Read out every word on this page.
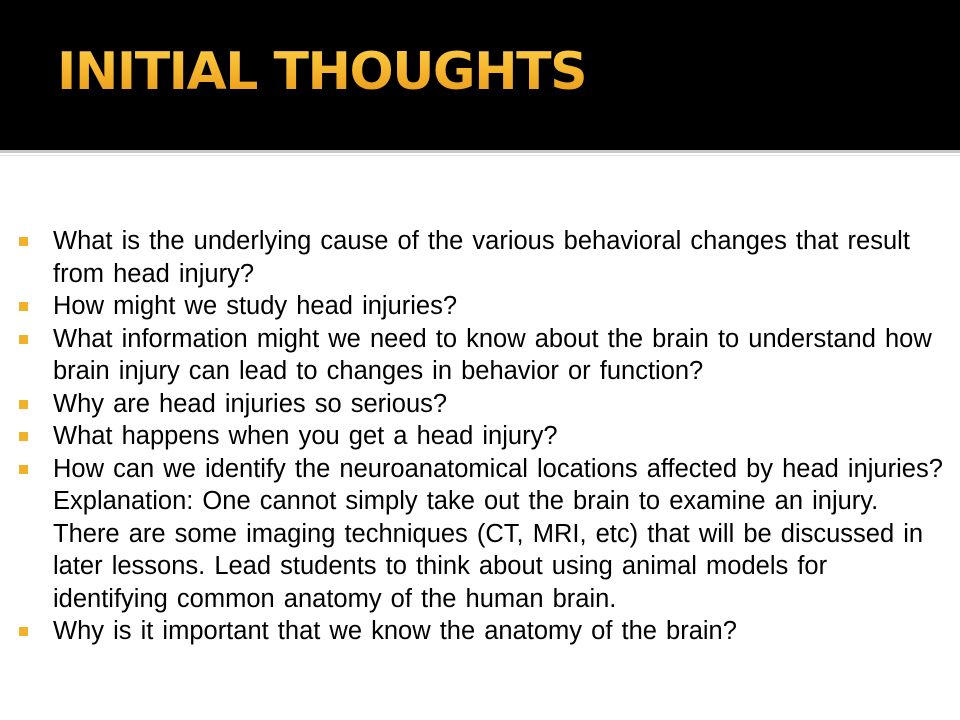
INITIAL THOUGHTS
What is the underlying cause of the various behavioral changes that result from head injury?
How might we study head injuries?
What information might we need to know about the brain to understand how brain injury can lead to changes in behavior or function?
Why are head injuries so serious?
What happens when you get a head injury?
How can we identify the neuroanatomical locations affected by head injuries? Explanation: One cannot simply take out the brain to examine an injury. There are some imaging techniques (CT, MRI, etc) that will be discussed in later lessons. Lead students to think about using animal models for identifying common anatomy of the human brain.
Why is it important that we know the anatomy of the brain?
